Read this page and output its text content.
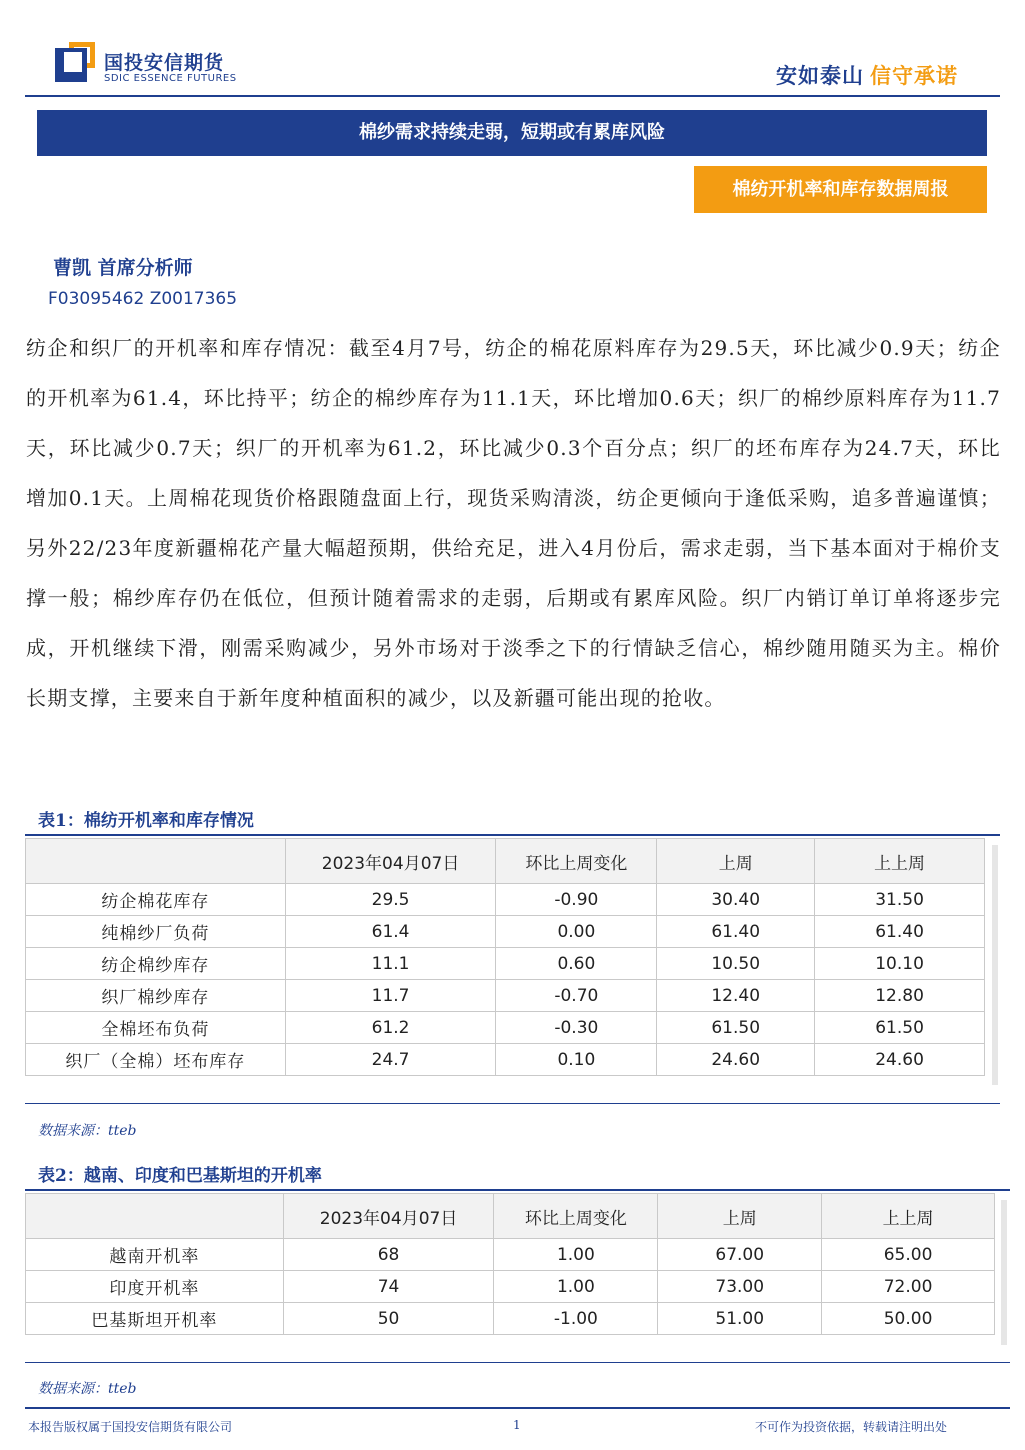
国投安信期货
SDIC ESSENCE FUTURES	安如泰山 信守承诺
棉纱需求持续走弱，短期或有累库风险
棉纺开机率和库存数据周报
曹凯 首席分析师
F03095462 Z0017365
纺企和织厂的开机率和库存情况：截至4月7号，纺企的棉花原料库存为29.5天，环比减少0.9天；纺企的开机率为61.4，环比持平；纺企的棉纱库存为11.1天，环比增加0.6天；织厂的棉纱原料库存为11.7天，环比减少0.7天；织厂的开机率为61.2，环比减少0.3个百分点；织厂的坯布库存为24.7天，环比增加0.1天。上周棉花现货价格跟随盘面上行，现货采购清淡，纺企更倾向于逢低采购，追多普遍谨慎；另外22/23年度新疆棉花产量大幅超预期，供给充足，进入4月份后，需求走弱，当下基本面对于棉价支撑一般；棉纱库存仍在低位，但预计随着需求的走弱，后期或有累库风险。织厂内销订单订单将逐步完成，开机继续下滑，刚需采购减少，另外市场对于淡季之下的行情缺乏信心，棉纱随用随买为主。棉价长期支撑，主要来自于新年度种植面积的减少，以及新疆可能出现的抢收。
表1：棉纺开机率和库存情况
	2023年04月07日	环比上周变化	上周	上上周
纺企棉花库存	29.5	-0.90	30.40	31.50
纯棉纱厂负荷	61.4	0.00	61.40	61.40
纺企棉纱库存	11.1	0.60	10.50	10.10
织厂棉纱库存	11.7	-0.70	12.40	12.80
全棉坯布负荷	61.2	-0.30	61.50	61.50
织厂（全棉）坯布库存	24.7	0.10	24.60	24.60
数据来源：tteb
表2：越南、印度和巴基斯坦的开机率
	2023年04月07日	环比上周变化	上周	上上周
越南开机率	68	1.00	67.00	65.00
印度开机率	74	1.00	73.00	72.00
巴基斯坦开机率	50	-1.00	51.00	50.00
数据来源：tteb
本报告版权属于国投安信期货有限公司	1	不可作为投资依据，转载请注明出处
